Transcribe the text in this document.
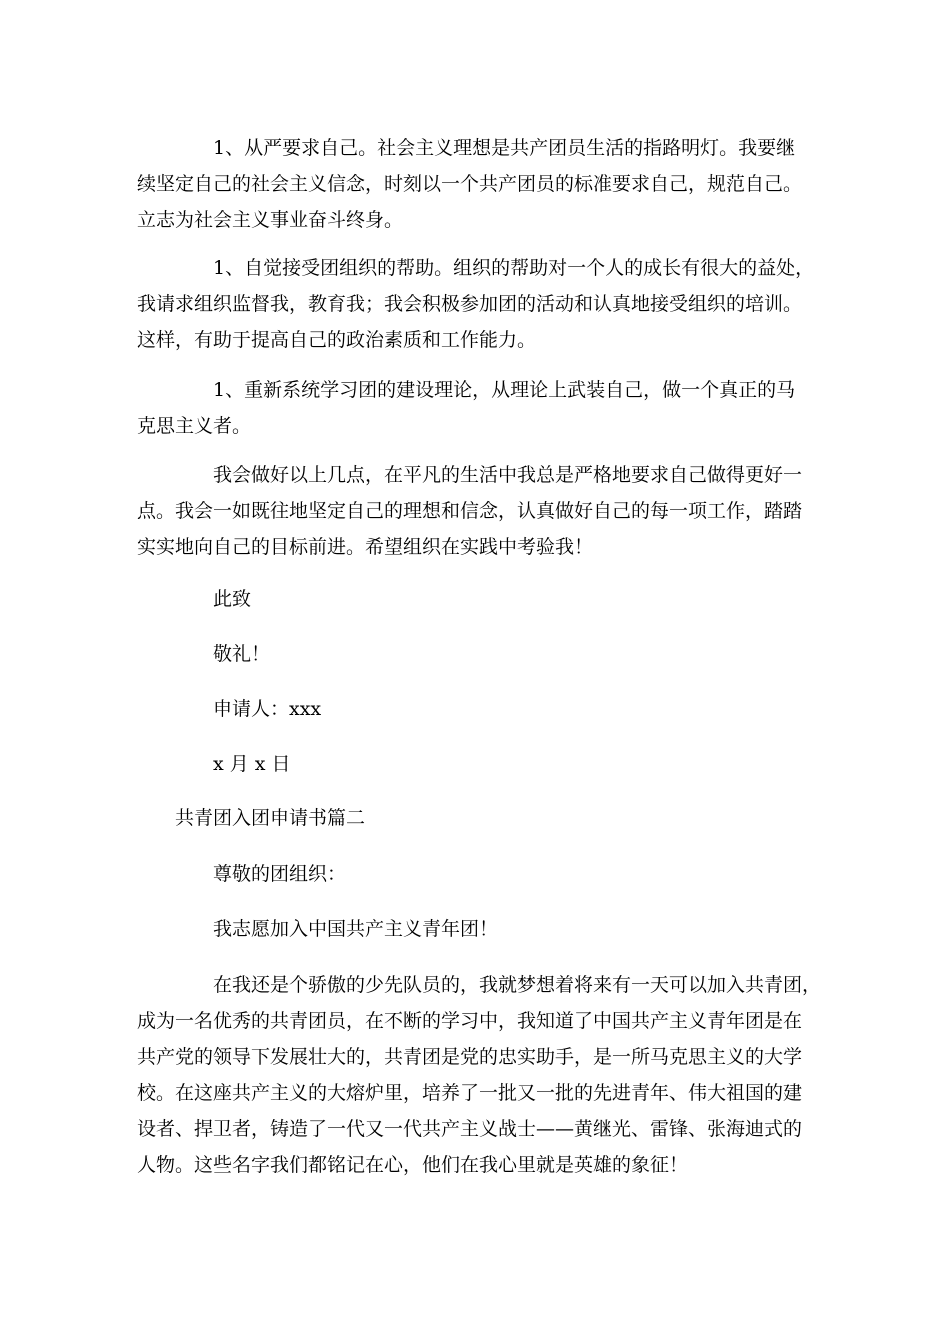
1、从严要求自己。社会主义理想是共产团员生活的指路明灯。我要继
续坚定自己的社会主义信念，时刻以一个共产团员的标准要求自己，规范自己。
立志为社会主义事业奋斗终身。
1、自觉接受团组织的帮助。组织的帮助对一个人的成长有很大的益处，
我请求组织监督我，教育我；我会积极参加团的活动和认真地接受组织的培训。
这样，有助于提高自己的政治素质和工作能力。
1、重新系统学习团的建设理论，从理论上武装自己，做一个真正的马
克思主义者。
我会做好以上几点，在平凡的生活中我总是严格地要求自己做得更好一
点。我会一如既往地坚定自己的理想和信念，认真做好自己的每一项工作，踏踏
实实地向自己的目标前进。希望组织在实践中考验我！

此致

敬礼！

申请人：xxx

x 月 x 日

共青团入团申请书篇二

尊敬的团组织：

我志愿加入中国共产主义青年团！

在我还是个骄傲的少先队员的，我就梦想着将来有一天可以加入共青团，
成为一名优秀的共青团员，在不断的学习中，我知道了中国共产主义青年团是在
共产党的领导下发展壮大的，共青团是党的忠实助手，是一所马克思主义的大学
校。在这座共产主义的大熔炉里，培养了一批又一批的先进青年、伟大祖国的建
设者、捍卫者，铸造了一代又一代共产主义战士——黄继光、雷锋、张海迪式的
人物。这些名字我们都铭记在心，他们在我心里就是英雄的象征！
